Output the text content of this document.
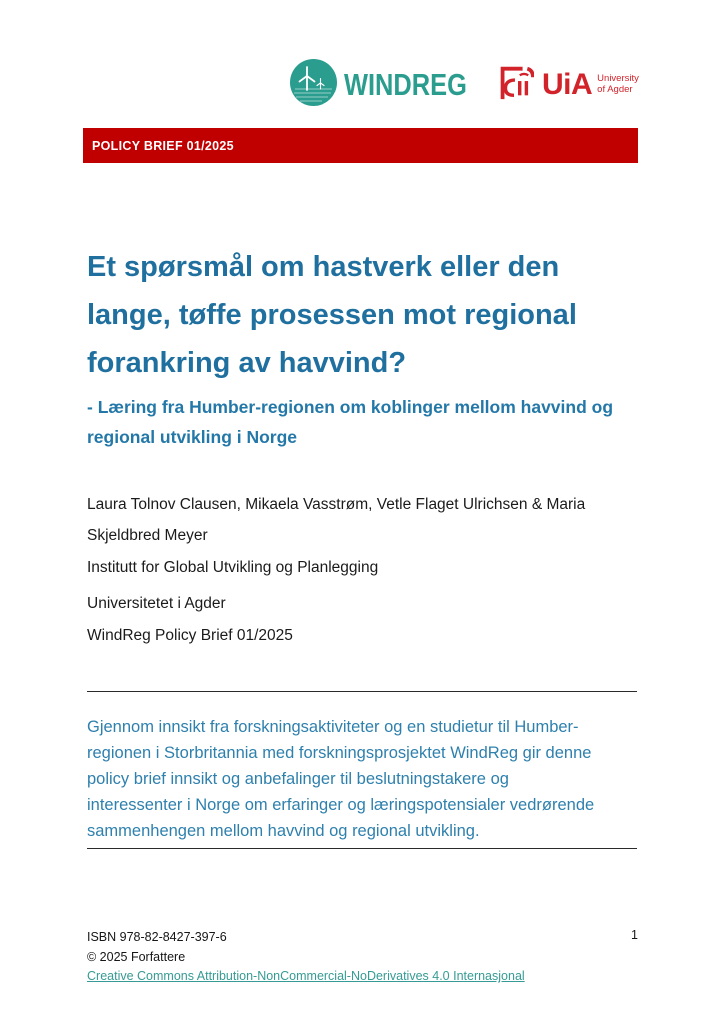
WINDREG	UiA University
of Agder
POLICY BRIEF 01/2025
Et spørsmål om hastverk eller den
lange, tøffe prosessen mot regional
forankring av havvind?
- Læring fra Humber-regionen om koblinger mellom havvind og
regional utvikling i Norge
Laura Tolnov Clausen, Mikaela Vasstrøm, Vetle Flaget Ulrichsen & Maria
Skjeldbred Meyer
Institutt for Global Utvikling og Planlegging
Universitetet i Agder
WindReg Policy Brief 01/2025
Gjennom innsikt fra forskningsaktiviteter og en studietur til Humber-
regionen i Storbritannia med forskningsprosjektet WindReg gir denne
policy brief innsikt og anbefalinger til beslutningstakere og
interessenter i Norge om erfaringer og læringspotensialer vedrørende
sammenhengen mellom havvind og regional utvikling.
ISBN 978-82-8427-397-6
© 2025 Forfattere
Creative Commons Attribution-NonCommercial-NoDerivatives 4.0 Internasjonal
1
